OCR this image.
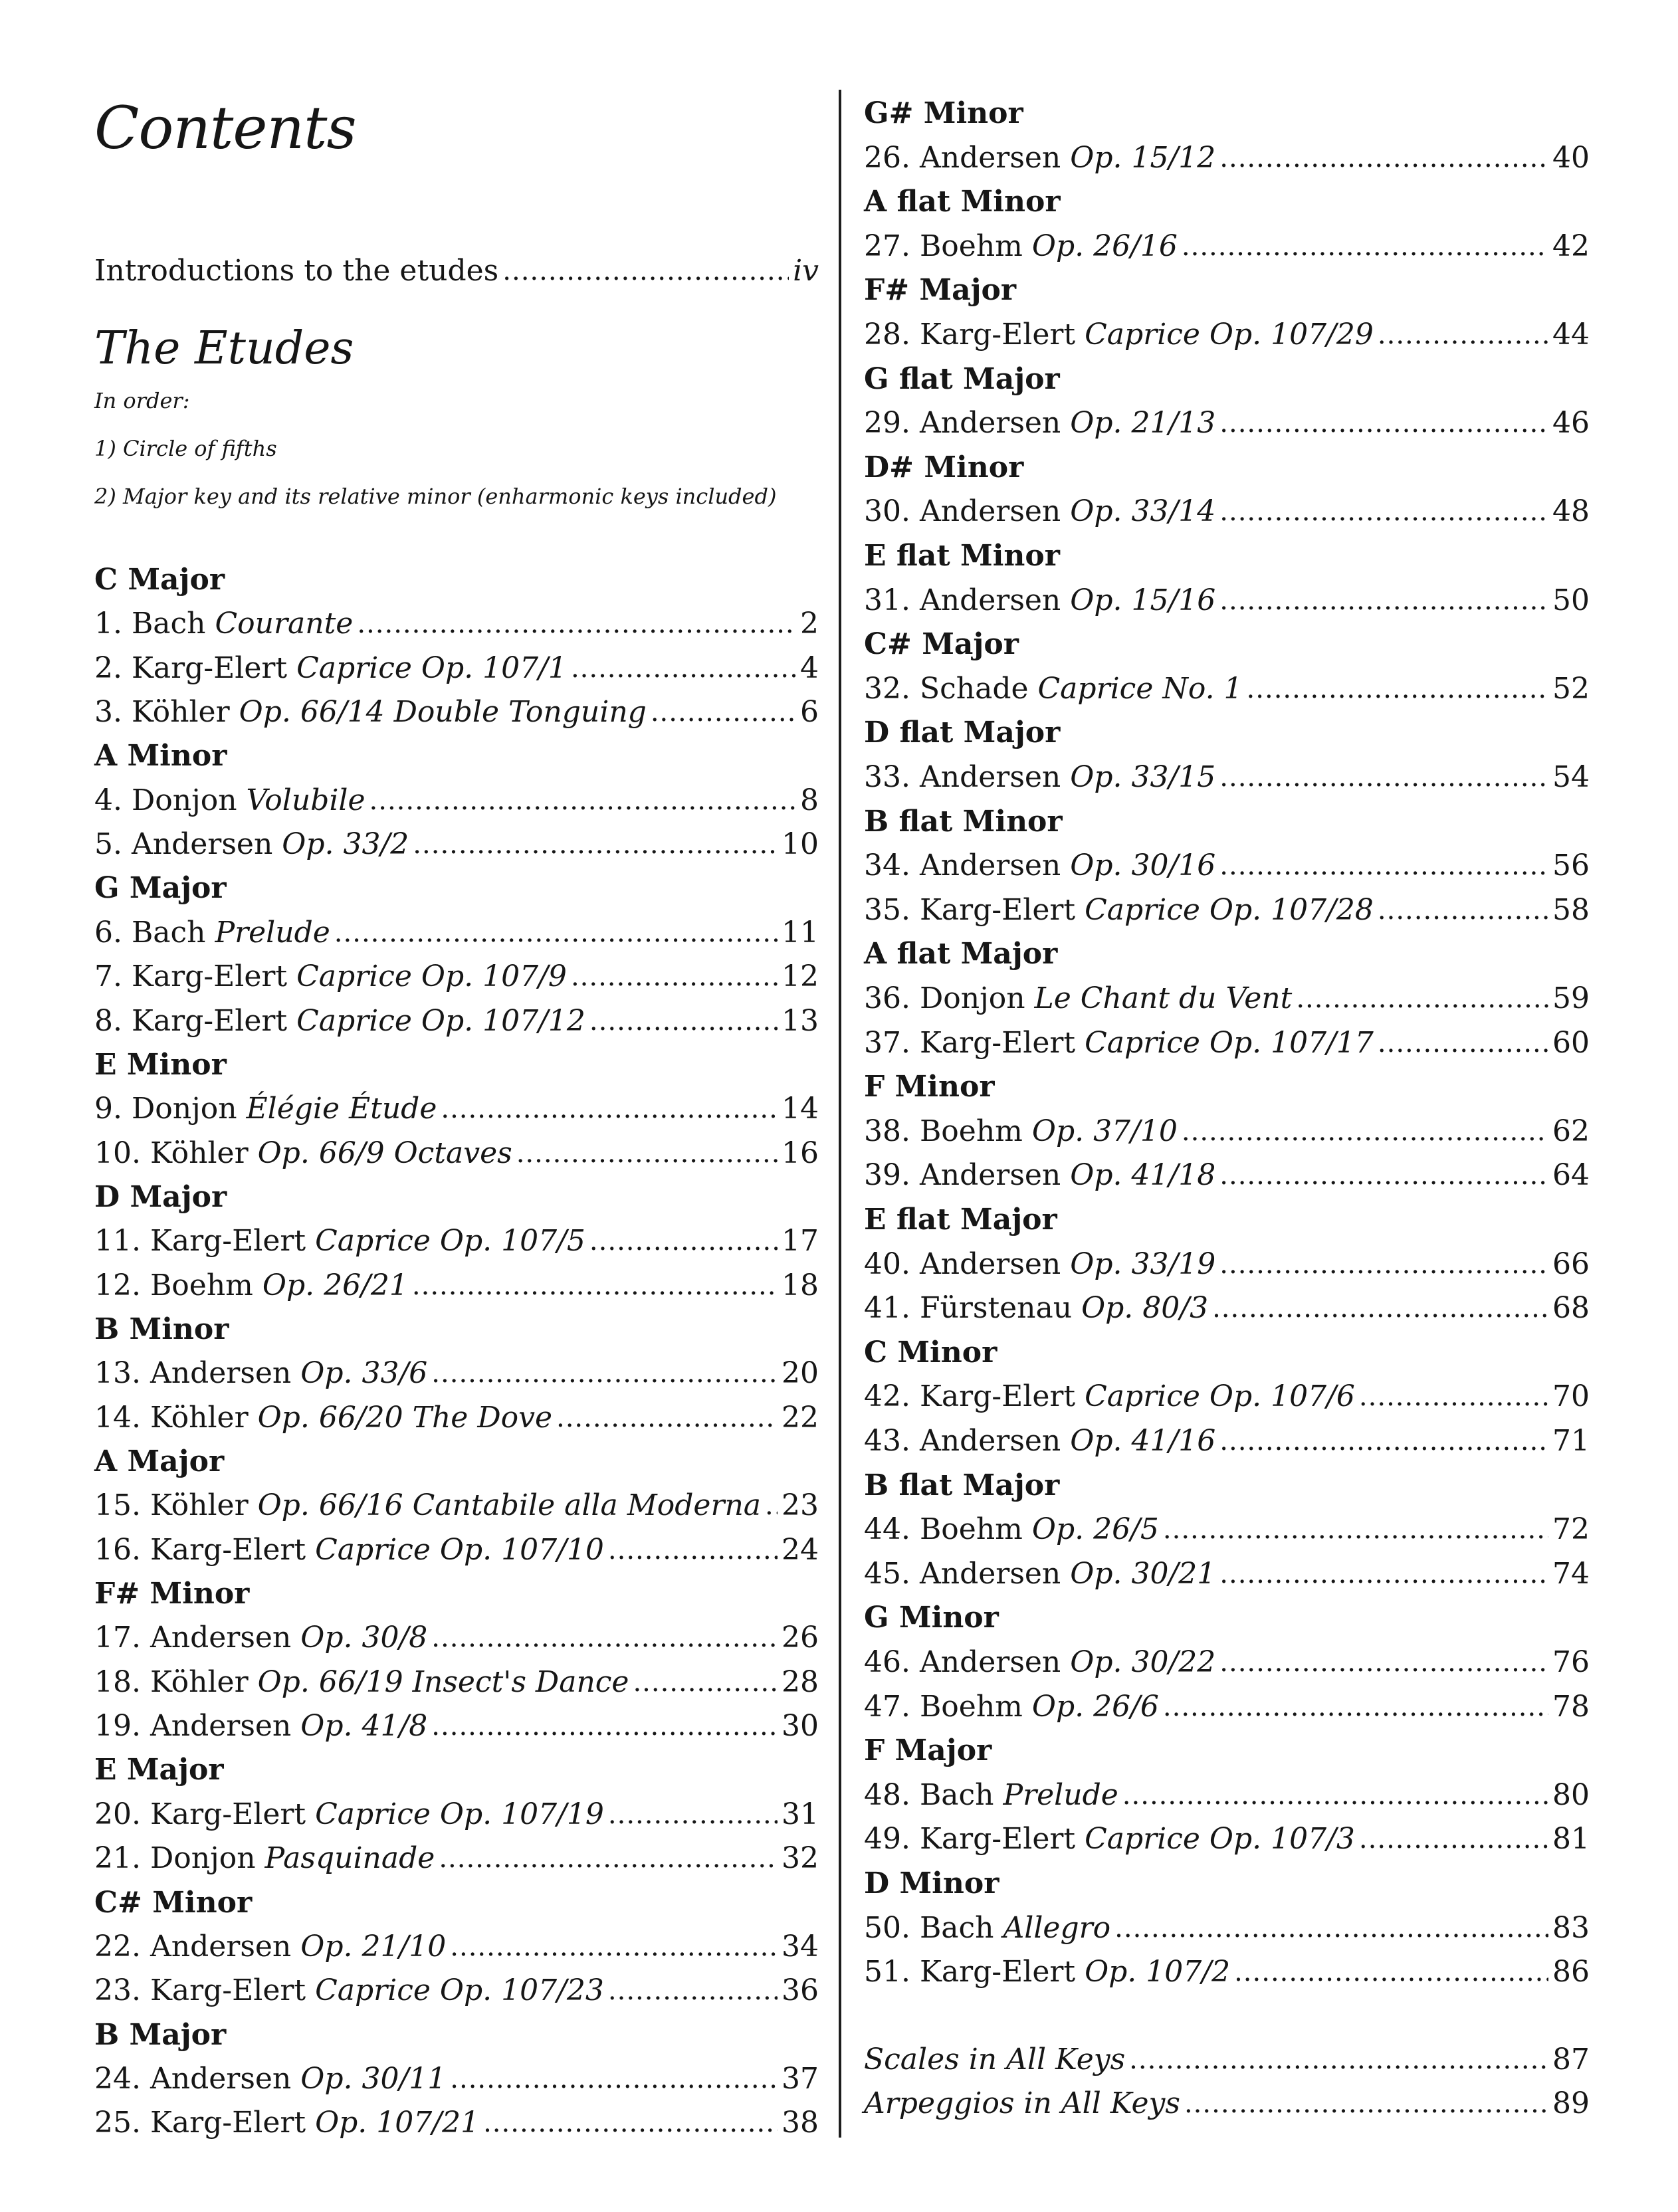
Contents
Introductions to the etudes .....	iv
The Etudes
In order:
1) Circle of fifths
2) Major key and its relative minor (enharmonic keys included)
C Major
1. Bach Courante .....	2
2. Karg-Elert Caprice Op. 107/1 .....	4
3. Köhler Op. 66/14 Double Tonguing .....	6
A Minor
4. Donjon Volubile .....	8
5. Andersen Op. 33/2 .....	10
G Major
6. Bach Prelude .....	11
7. Karg-Elert Caprice Op. 107/9 .....	12
8. Karg-Elert Caprice Op. 107/12 .....	13
E Minor
9. Donjon Élégie Étude .....	14
10. Köhler Op. 66/9 Octaves .....	16
D Major
11. Karg-Elert Caprice Op. 107/5 .....	17
12. Boehm Op. 26/21 .....	18
B Minor
13. Andersen Op. 33/6 .....	20
14. Köhler Op. 66/20 The Dove .....	22
A Major
15. Köhler Op. 66/16 Cantabile alla Moderna ..... 23
16. Karg-Elert Caprice Op. 107/10 .....	24
F# Minor
17. Andersen Op. 30/8 .....	26
18. Köhler Op. 66/19 Insect's Dance .....	28
19. Andersen Op. 41/8 .....	30
E Major
20. Karg-Elert Caprice Op. 107/19 .....	31
21. Donjon Pasquinade .....	32
C# Minor
22. Andersen Op. 21/10 .....	34
23. Karg-Elert Caprice Op. 107/23 .....	36
B Major
24. Andersen Op. 30/11 .....	37
25. Karg-Elert Op. 107/21 .....	38
G# Minor
26. Andersen Op. 15/12 .....	40
A flat Minor
27. Boehm Op. 26/16 .....	42
F# Major
28. Karg-Elert Caprice Op. 107/29 .....	44
G flat Major
29. Andersen Op. 21/13 .....	46
D# Minor
30. Andersen Op. 33/14 .....	48
E flat Minor
31. Andersen Op. 15/16 .....	50
C# Major
32. Schade Caprice No. 1 .....	52
D flat Major
33. Andersen Op. 33/15 .....	54
B flat Minor
34. Andersen Op. 30/16 .....	56
35. Karg-Elert Caprice Op. 107/28 .....	58
A flat Major
36. Donjon Le Chant du Vent .....	59
37. Karg-Elert Caprice Op. 107/17 .....	60
F Minor
38. Boehm Op. 37/10 .....	62
39. Andersen Op. 41/18 .....	64
E flat Major
40. Andersen Op. 33/19 .....	66
41. Fürstenau Op. 80/3 .....	68
C Minor
42. Karg-Elert Caprice Op. 107/6 .....	70
43. Andersen Op. 41/16 .....	71
B flat Major
44. Boehm Op. 26/5 .....	72
45. Andersen Op. 30/21 .....	74
G Minor
46. Andersen Op. 30/22 .....	76
47. Boehm Op. 26/6 .....	78
F Major
48. Bach Prelude .....	80
49. Karg-Elert Caprice Op. 107/3 .....	81
D Minor
50. Bach Allegro .....	83
51. Karg-Elert Op. 107/2 .....	86
Scales in All Keys .....	87
Arpeggios in All Keys .....	89
